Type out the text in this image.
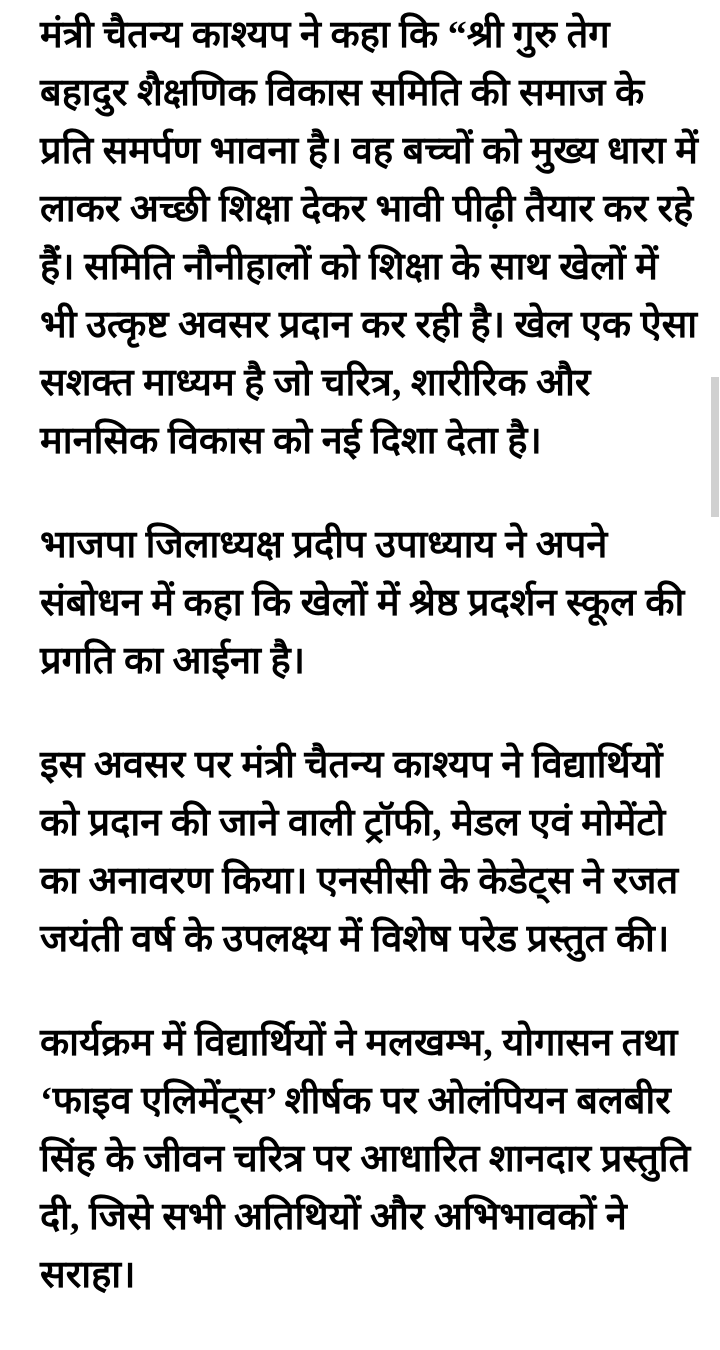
मंत्री चैतन्य काश्यप ने कहा कि “श्री गुरु तेग
बहादुर शैक्षणिक विकास समिति की समाज के
प्रति समर्पण भावना है। वह बच्चों को मुख्य धारा में
लाकर अच्छी शिक्षा देकर भावी पीढ़ी तैयार कर रहे
हैं। समिति नौनीहालों को शिक्षा के साथ खेलों में
भी उत्कृष्ट अवसर प्रदान कर रही है। खेल एक ऐसा
सशक्त माध्यम है जो चरित्र, शारीरिक और
मानसिक विकास को नई दिशा देता है।
भाजपा जिलाध्यक्ष प्रदीप उपाध्याय ने अपने
संबोधन में कहा कि खेलों में श्रेष्ठ प्रदर्शन स्कूल की
प्रगति का आईना है।
इस अवसर पर मंत्री चैतन्य काश्यप ने विद्यार्थियों
को प्रदान की जाने वाली ट्रॉफी, मेडल एवं मोमेंटो
का अनावरण किया। एनसीसी के केडेट्स ने रजत
जयंती वर्ष के उपलक्ष्य में विशेष परेड प्रस्तुत की।
कार्यक्रम में विद्यार्थियों ने मलखम्भ, योगासन तथा
‘फाइव एलिमेंट्स’ शीर्षक पर ओलंपियन बलबीर
सिंह के जीवन चरित्र पर आधारित शानदार प्रस्तुति
दी, जिसे सभी अतिथियों और अभिभावकों ने
सराहा।
